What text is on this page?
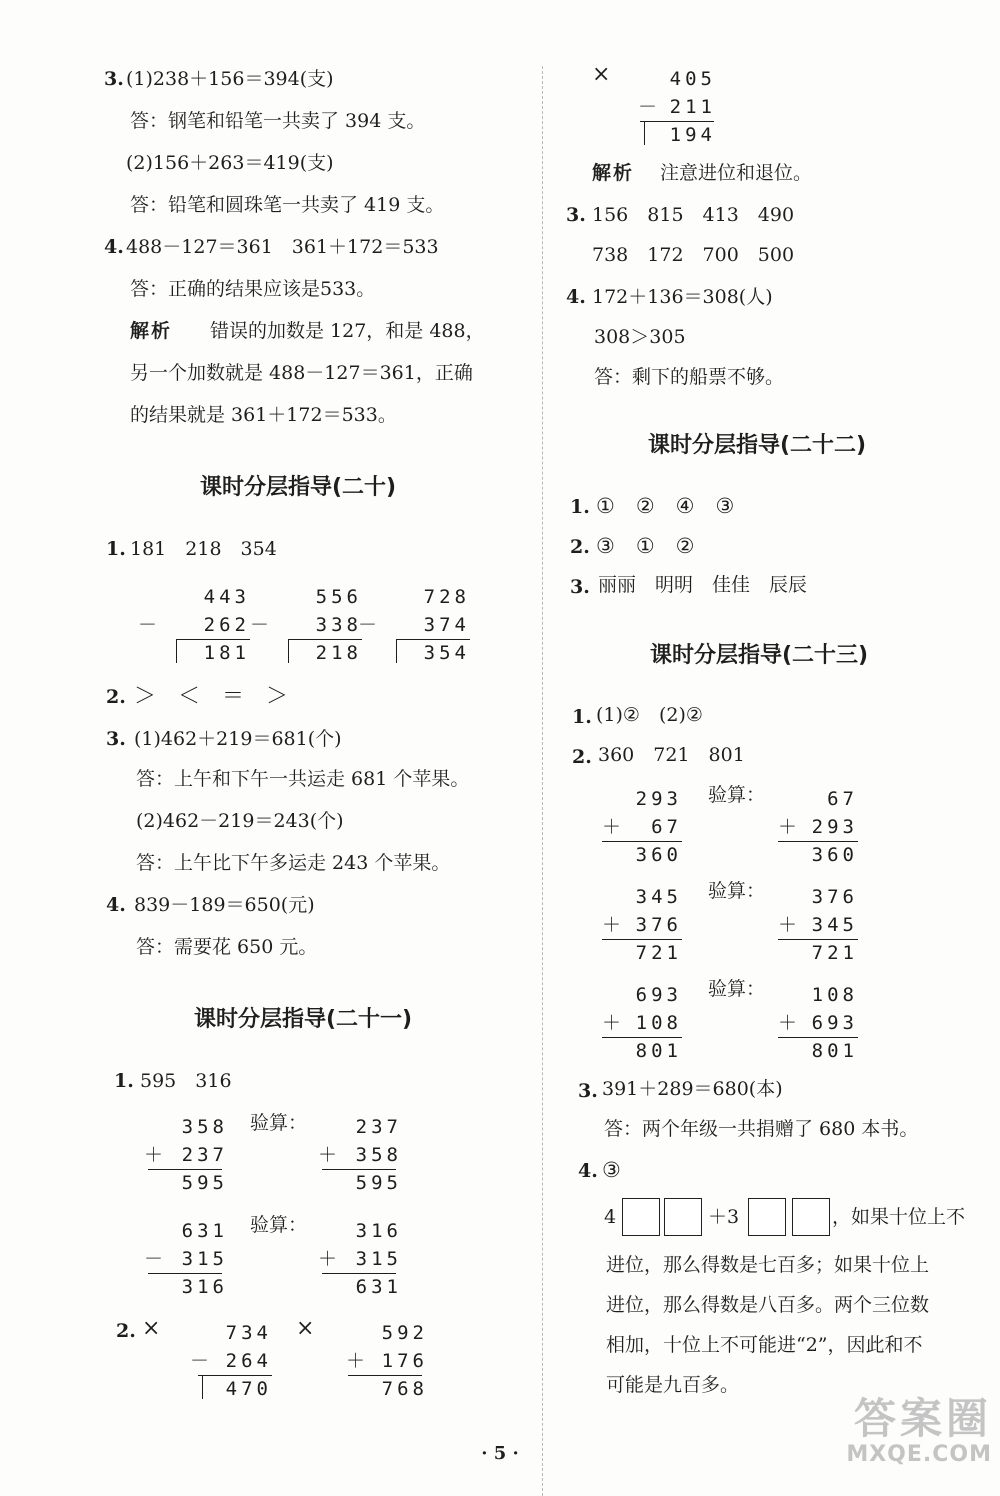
3. (1)238＋156＝394(支)
答：钢笔和铅笔一共卖了 394 支。
(2)156＋263＝419(支)
答：铅笔和圆珠笔一共卖了 419 支。
4. 488－127＝361　361＋172＝533
答：正确的结果应该是533。
解析 错误的加数是 127，和是 488，
另一个加数就是 488－127＝361，正确
的结果就是 361＋172＝533。
课时分层指导(二十)
1. 181　218　354
443
－	262
181
556
－	338
218
728
－	374
354
2. ＞　＜　＝　＞
3. (1)462＋219＝681(个)
答：上午和下午一共运走 681 个苹果。
(2)462－219＝243(个)
答：上午比下午多运走 243 个苹果。
4. 839－189＝650(元)
答：需要花 650 元。
课时分层指导(二十一)
1. 595　316
358
＋ 237
595
验算：	237
＋ 358
595
631
－ 315
316
验算：	316
＋ 315
631
2. ×	734
－ 264
470
×	592
＋ 176
768
×	405
－ 211
194
解析 注意进位和退位。
3. 156　815　413　490
738　172　700　500
4. 172＋136＝308(人)
308＞305
答：剩下的船票不够。
课时分层指导(二十二)
1. ①　②　④　③
2. ③　①　②
3. 丽丽　明明　佳佳　辰辰
课时分层指导(二十三)
1. (1)②　(2)②
2. 360　721　801
293
＋	67
360
验算：	67
＋ 293
360
345
＋ 376
721
验算：	376
＋ 345
721
693
＋ 108
801
验算：	108
＋ 693
801
3. 391＋289＝680(本)
答：两个年级一共捐赠了 680 本书。
4. ③
4	＋3	，如果十位上不
进位，那么得数是七百多；如果十位上
进位，那么得数是八百多。两个三位数
相加，十位上不可能进“2”，因此和不
可能是九百多。
· 5 ·
答案圈
MXQE.COM
